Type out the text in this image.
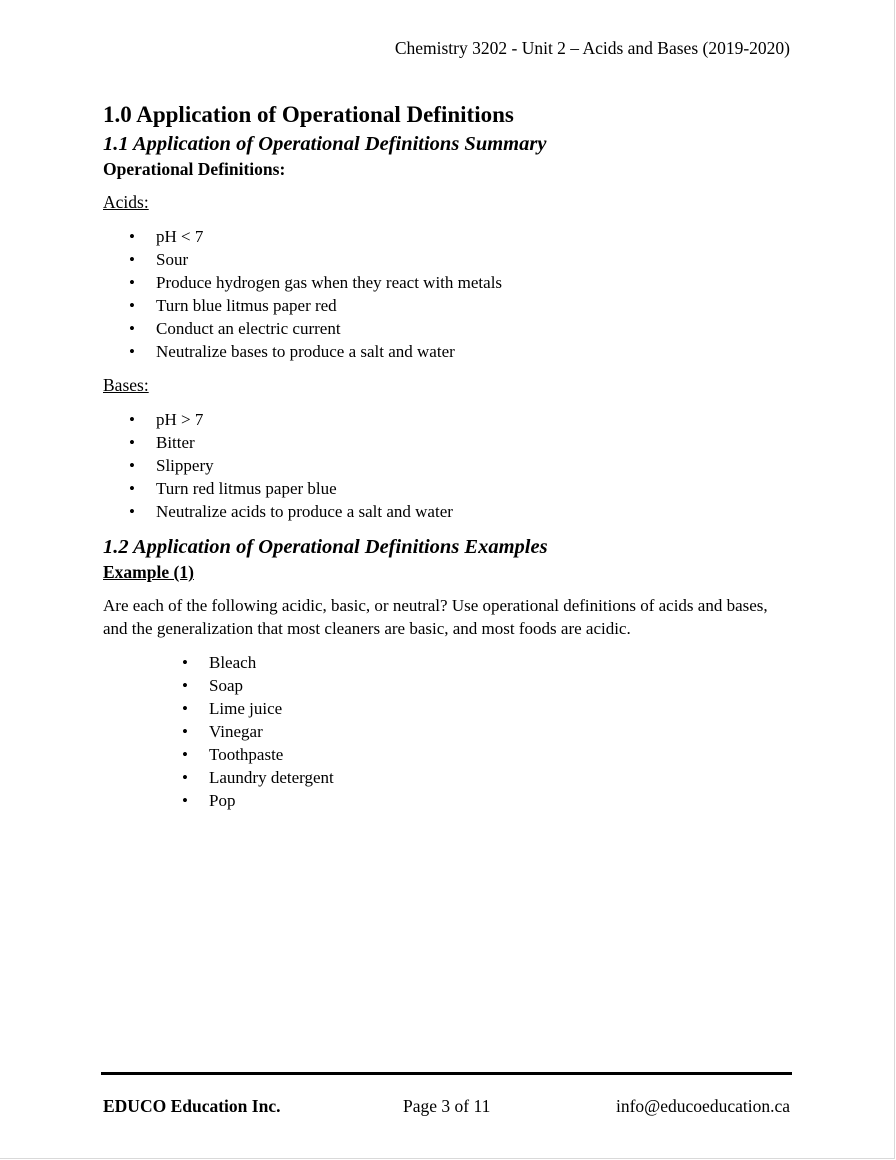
Chemistry 3202 - Unit 2 – Acids and Bases (2019-2020)
1.0 Application of Operational Definitions
1.1 Application of Operational Definitions Summary

Operational Definitions:

Acids:

• pH < 7
• Sour
• Produce hydrogen gas when they react with metals
• Turn blue litmus paper red
• Conduct an electric current
• Neutralize bases to produce a salt and water

Bases:

• pH > 7
• Bitter
• Slippery
• Turn red litmus paper blue
• Neutralize acids to produce a salt and water
1.2 Application of Operational Definitions Examples

Example (1)

Are each of the following acidic, basic, or neutral? Use operational definitions of acids and bases, and the generalization that most cleaners are basic, and most foods are acidic.

• Bleach
• Soap
• Lime juice
• Vinegar
• Toothpaste
• Laundry detergent
• Pop
EDUCO Education Inc.	Page 3 of 11	info@educoeducation.ca
